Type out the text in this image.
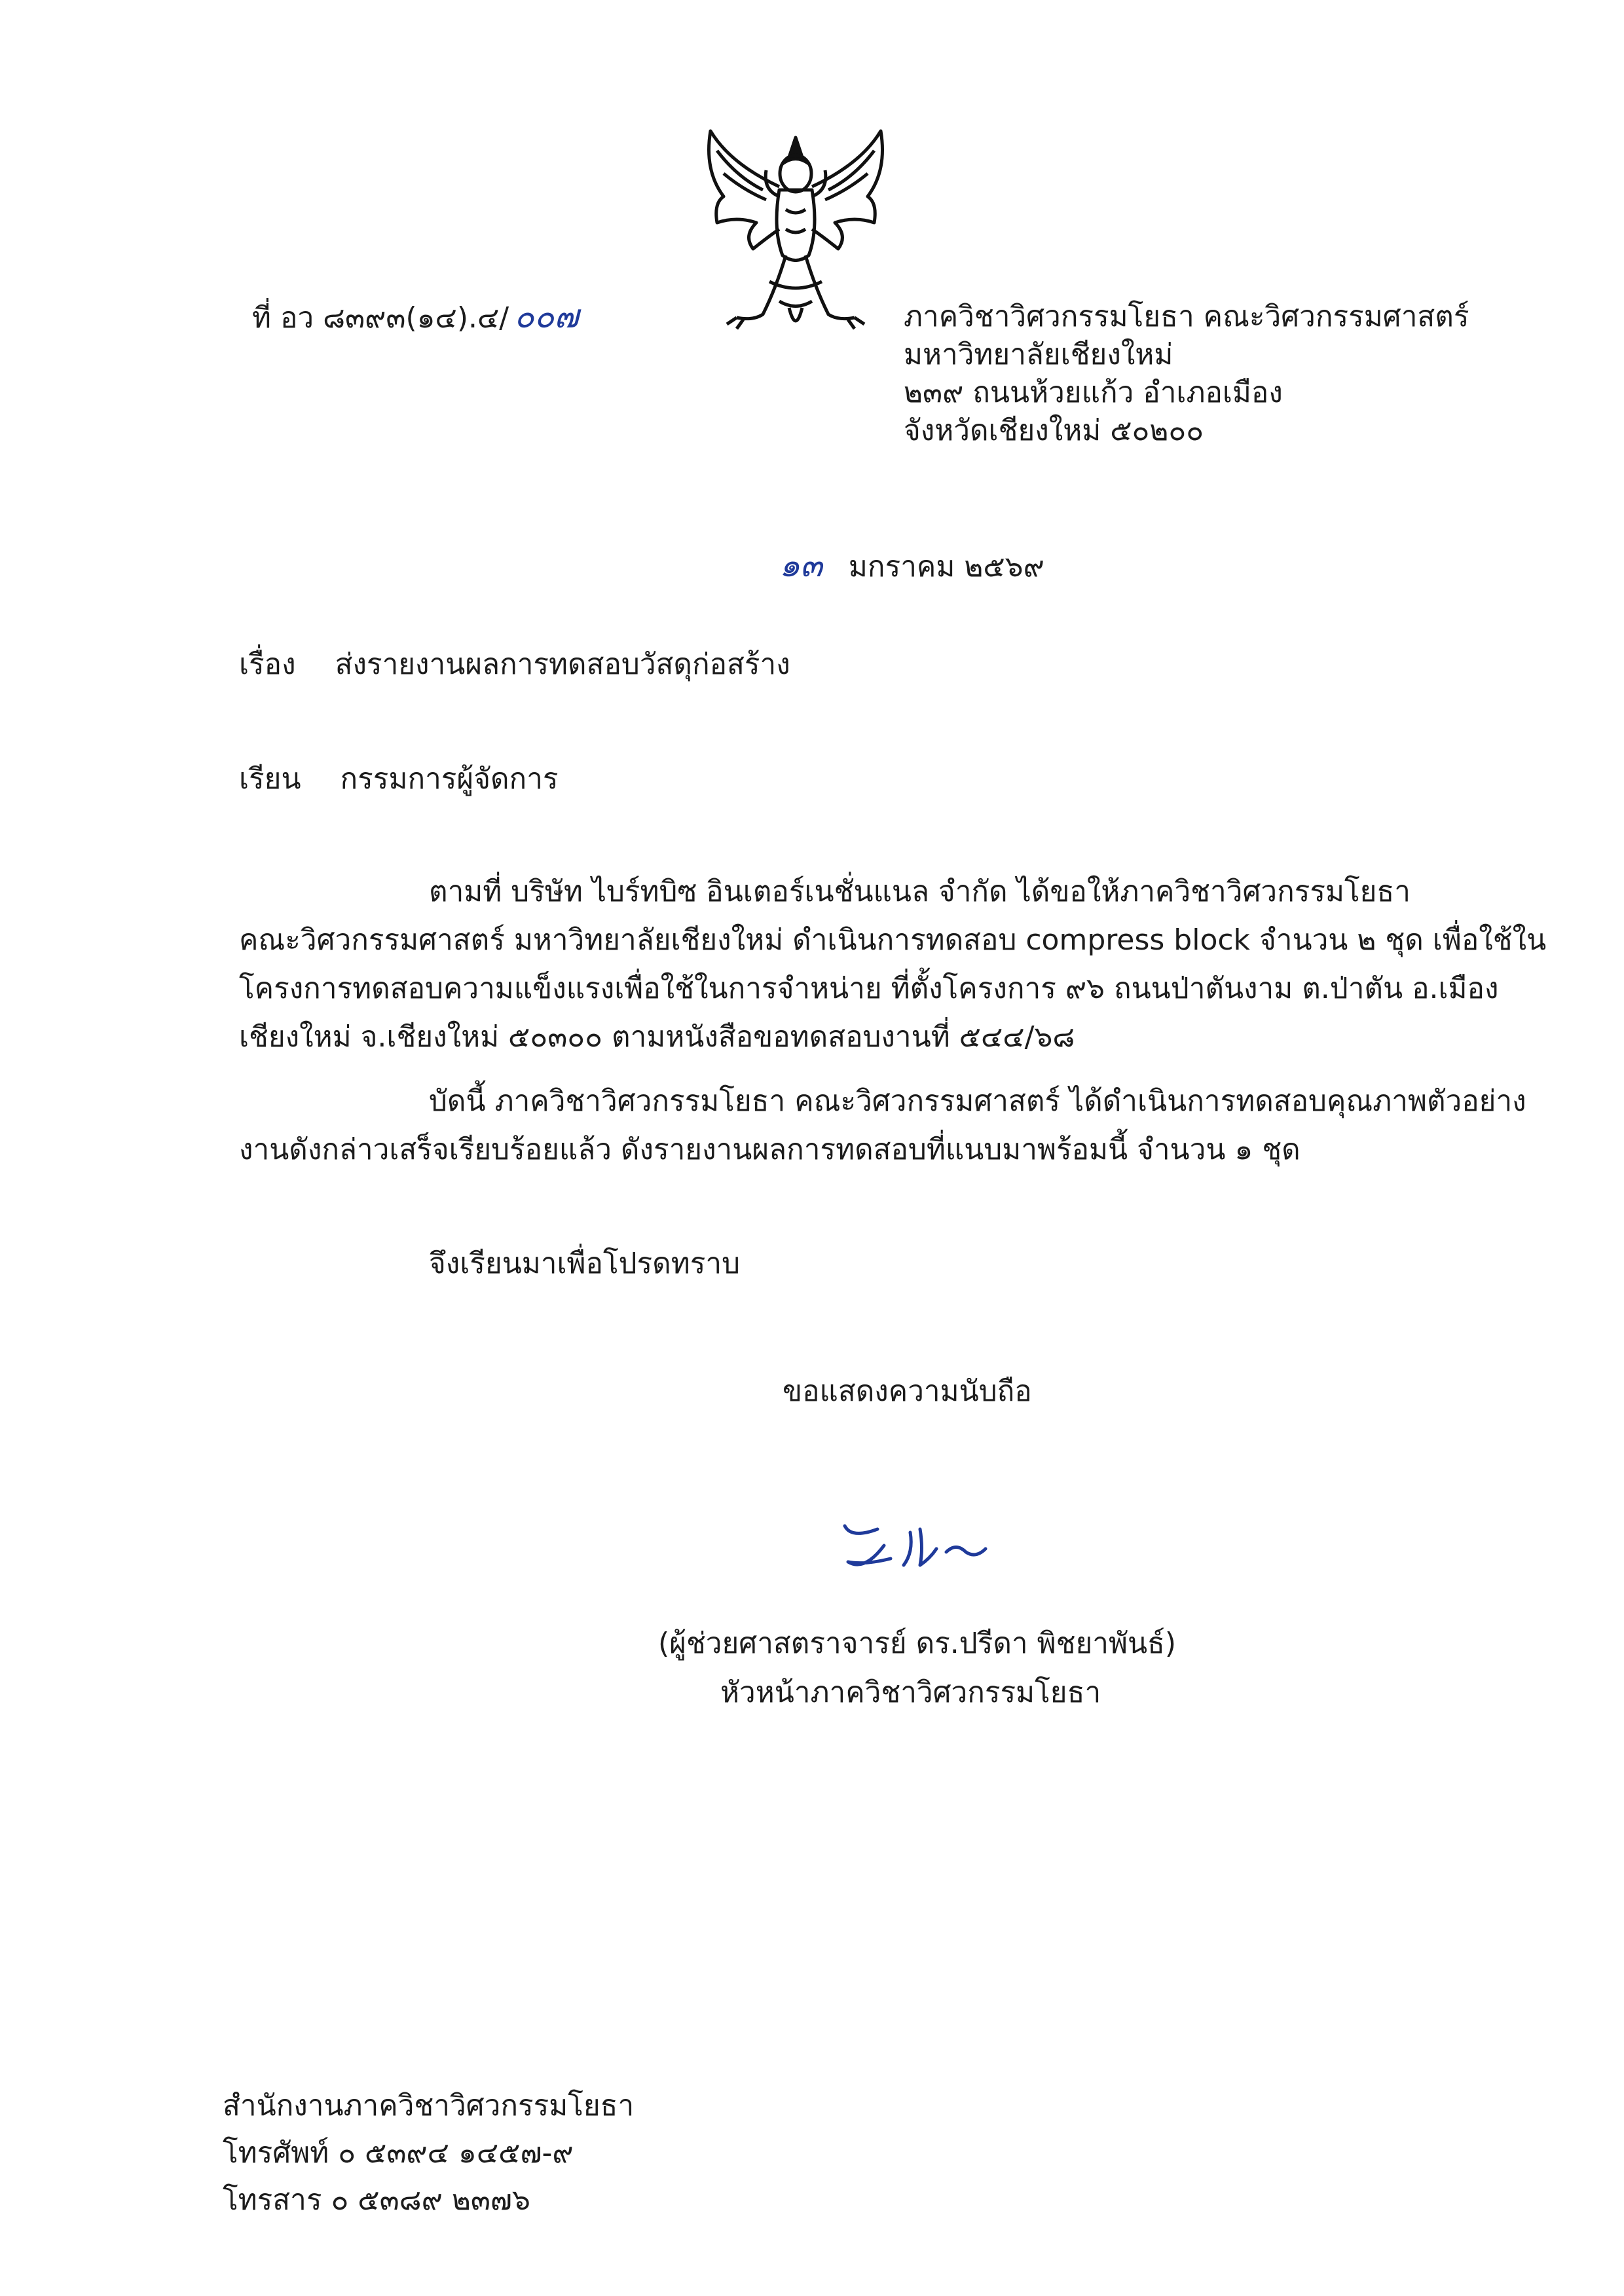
ที่ อว ๘๓๙๓(๑๔).๔/ ๐๐๗	ภาควิชาวิศวกรรมโยธา คณะวิศวกรรมศาสตร์
มหาวิทยาลัยเชียงใหม่
๒๓๙ ถนนห้วยแก้ว อำเภอเมือง
จังหวัดเชียงใหม่ ๕๐๒๐๐
๑๓ มกราคม ๒๕๖๙
เรื่อง ส่งรายงานผลการทดสอบวัสดุก่อสร้าง
เรียน กรรมการผู้จัดการ
ตามที่ บริษัท ไบร์ทบิซ อินเตอร์เนชั่นแนล จำกัด ได้ขอให้ภาควิชาวิศวกรรมโยธา
คณะวิศวกรรมศาสตร์ มหาวิทยาลัยเชียงใหม่ ดำเนินการทดสอบ compress block จำนวน ๒ ชุด เพื่อใช้ใน
โครงการทดสอบความแข็งแรงเพื่อใช้ในการจำหน่าย ที่ตั้งโครงการ ๙๖ ถนนป่าตันงาม ต.ป่าตัน อ.เมือง
เชียงใหม่ จ.เชียงใหม่ ๕๐๓๐๐ ตามหนังสือขอทดสอบงานที่ ๕๔๔/๖๘
บัดนี้ ภาควิชาวิศวกรรมโยธา คณะวิศวกรรมศาสตร์ ได้ดำเนินการทดสอบคุณภาพตัวอย่าง
งานดังกล่าวเสร็จเรียบร้อยแล้ว ดังรายงานผลการทดสอบที่แนบมาพร้อมนี้ จำนวน ๑ ชุด
จึงเรียนมาเพื่อโปรดทราบ
ขอแสดงความนับถือ
(ผู้ช่วยศาสตราจารย์ ดร.ปรีดา พิชยาพันธ์)
หัวหน้าภาควิชาวิศวกรรมโยธา
สำนักงานภาควิชาวิศวกรรมโยธา
โทรศัพท์ ๐ ๕๓๙๔ ๑๔๕๗-๙
โทรสาร ๐ ๕๓๘๙ ๒๓๗๖
